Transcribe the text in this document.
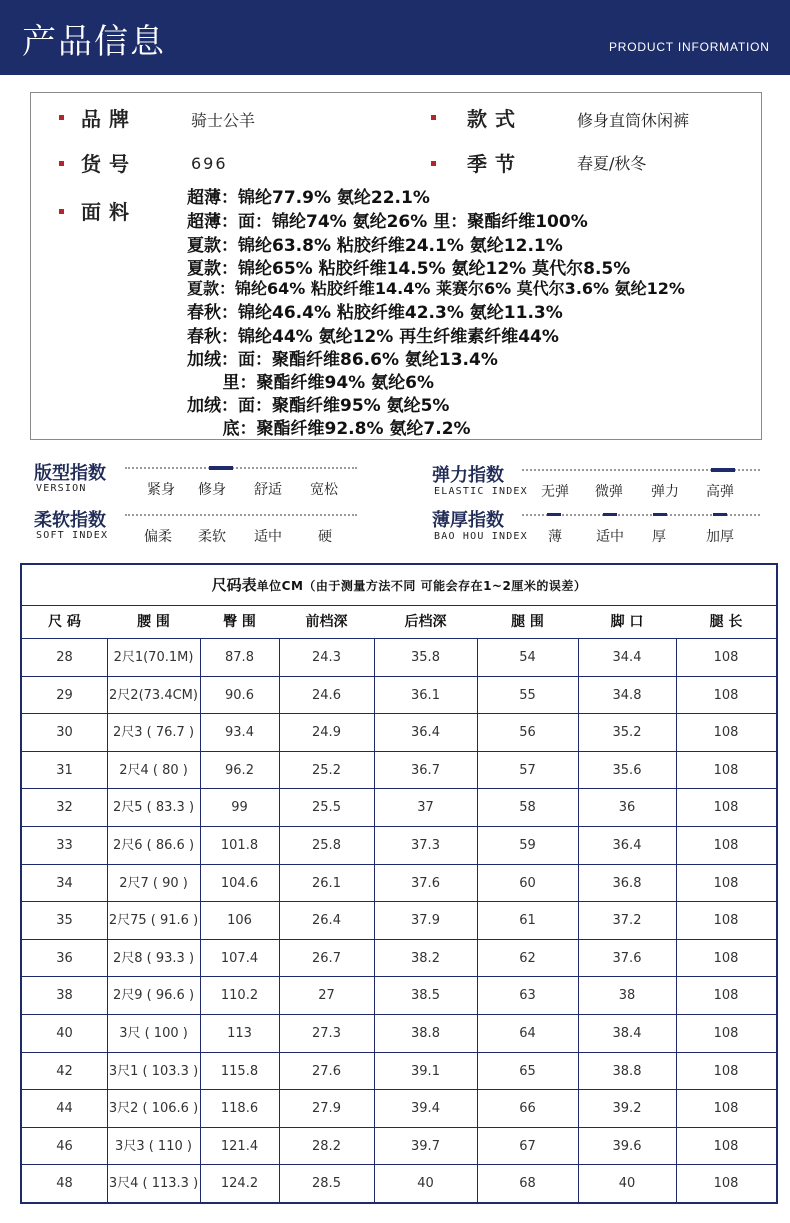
产品信息	PRODUCT INFORMATION
品牌	骑士公羊	款式	修身直筒休闲裤
货号	696	季节	春夏/秋冬
面料
超薄：锦纶77.9% 氨纶22.1%
超薄：面：锦纶74% 氨纶26% 里：聚酯纤维100%
夏款：锦纶63.8% 粘胶纤维24.1% 氨纶12.1%
夏款：锦纶65% 粘胶纤维14.5% 氨纶12% 莫代尔8.5%
夏款：锦纶64% 粘胶纤维14.4% 莱赛尔6% 莫代尔3.6% 氨纶12%
春秋：锦纶46.4% 粘胶纤维42.3% 氨纶11.3%
春秋：锦纶44% 氨纶12% 再生纤维素纤维44%
加绒：面：聚酯纤维86.6% 氨纶13.4%
里：聚酯纤维94% 氨纶6%
加绒：面：聚酯纤维95% 氨纶5%
底：聚酯纤维92.8% 氨纶7.2%
版型指数
VERSION	紧身 修身 舒适 宽松
弹力指数
ELASTIC INDEX 无弹 微弹 弹力 高弹
柔软指数
SOFT INDEX	偏柔 柔软 适中	硬
薄厚指数
BAO HOU INDEX 薄 适中 厚	加厚
尺码表单位CM（由于测量方法不同 可能会存在1~2厘米的误差）
尺 码	腰 围	臀 围	前档深	后档深	腿 围	脚 口	腿 长
28	2尺1(70.1M)	87.8	24.3	35.8	54	34.4	108
29	2尺2(73.4CM)	90.6	24.6	36.1	55	34.8	108
30	2尺3 ( 76.7 )	93.4	24.9	36.4	56	35.2	108
31	2尺4 ( 80 )	96.2	25.2	36.7	57	35.6	108
32	2尺5 ( 83.3 )	99	25.5	37	58	36	108
33	2尺6 ( 86.6 )	101.8	25.8	37.3	59	36.4	108
34	2尺7 ( 90 )	104.6	26.1	37.6	60	36.8	108
35	2尺75 ( 91.6 )	106	26.4	37.9	61	37.2	108
36	2尺8 ( 93.3 )	107.4	26.7	38.2	62	37.6	108
38	2尺9 ( 96.6 )	110.2	27	38.5	63	38	108
40	3尺 ( 100 )	113	27.3	38.8	64	38.4	108
42	3尺1 ( 103.3 )	115.8	27.6	39.1	65	38.8	108
44	3尺2 ( 106.6 )	118.6	27.9	39.4	66	39.2	108
46	3尺3 ( 110 )	121.4	28.2	39.7	67	39.6	108
48	3尺4 ( 113.3 )	124.2	28.5	40	68	40	108
